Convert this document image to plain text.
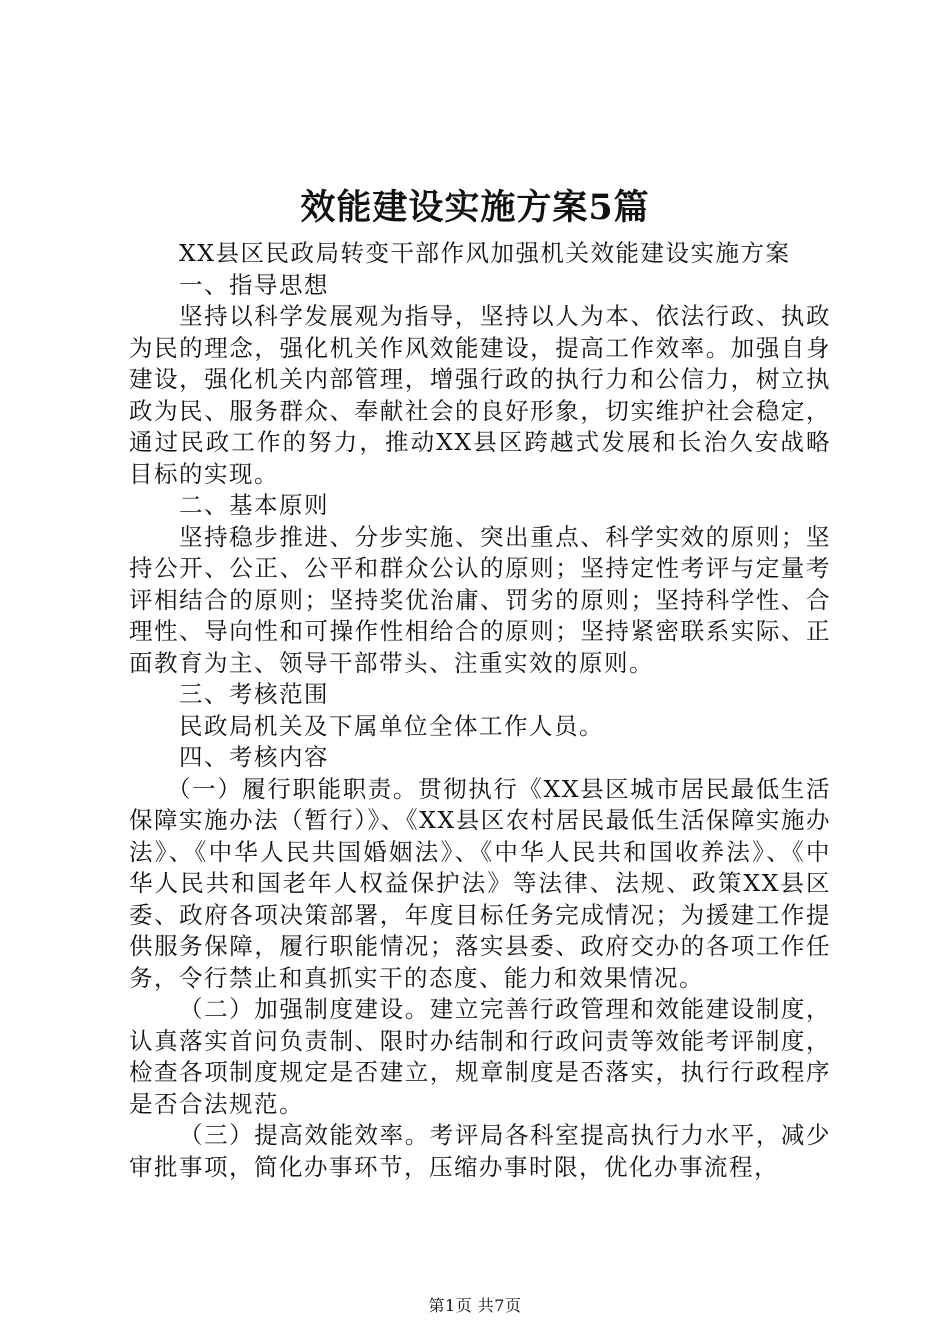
效能建设实施方案5篇

XX县区民政局转变干部作风加强机关效能建设实施方案

一、指导思想

坚持以科学发展观为指导，坚持以人为本、依法行政、执政为民的理念，强化机关作风效能建设，提高工作效率。加强自身建设，强化机关内部管理，增强行政的执行力和公信力，树立执政为民、服务群众、奉献社会的良好形象，切实维护社会稳定，通过民政工作的努力，推动XX县区跨越式发展和长治久安战略目标的实现。

二、基本原则

坚持稳步推进、分步实施、突出重点、科学实效的原则；坚持公开、公正、公平和群众公认的原则；坚持定性考评与定量考评相结合的原则；坚持奖优治庸、罚劣的原则；坚持科学性、合理性、导向性和可操作性相给合的原则；坚持紧密联系实际、正面教育为主、领导干部带头、注重实效的原则。

三、考核范围

民政局机关及下属单位全体工作人员。

四、考核内容

（一）履行职能职责。贯彻执行《XX县区城市居民最低生活保障实施办法（暂行）》、《XX县区农村居民最低生活保障实施办法》、《中华人民共国婚姻法》、《中华人民共和国收养法》、《中华人民共和国老年人权益保护法》等法律、法规、政策XX县区委、政府各项决策部署，年度目标任务完成情况；为援建工作提供服务保障，履行职能情况；落实县委、政府交办的各项工作任务，令行禁止和真抓实干的态度、能力和效果情况。

（二）加强制度建设。建立完善行政管理和效能建设制度，认真落实首问负责制、限时办结制和行政问责等效能考评制度，检查各项制度规定是否建立，规章制度是否落实，执行行政程序是否合法规范。

（三）提高效能效率。考评局各科室提高执行力水平，减少审批事项，简化办事环节，压缩办事时限，优化办事流程，

第1页 共7页
